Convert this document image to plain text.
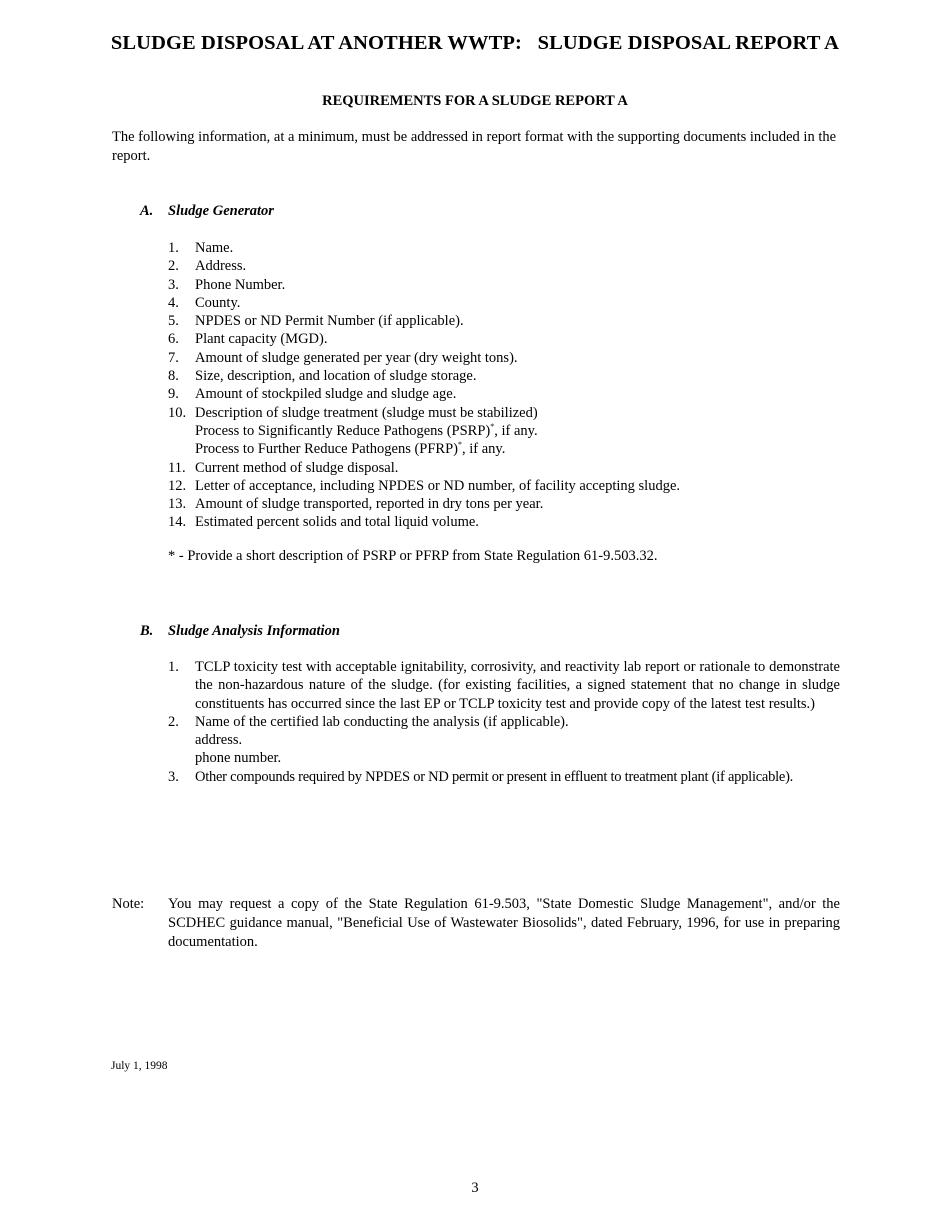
SLUDGE DISPOSAL AT ANOTHER WWTP:   SLUDGE DISPOSAL REPORT A
REQUIREMENTS FOR A SLUDGE REPORT A
The following information, at a minimum, must be addressed in report format with the supporting documents included in the report.
A. Sludge Generator
1.	Name.
2.	Address.
3.	Phone Number.
4.	County.
5.	NPDES or ND Permit Number (if applicable).
6.	Plant capacity (MGD).
7.	Amount of sludge generated per year (dry weight tons).
8.	Size, description, and location of sludge storage.
9.	Amount of stockpiled sludge and sludge age.
10. Description of sludge treatment (sludge must be stabilized)
Process to Significantly Reduce Pathogens (PSRP)*, if any.
Process to Further Reduce Pathogens (PFRP)*, if any.
11. Current method of sludge disposal.
12. Letter of acceptance, including NPDES or ND number, of facility accepting sludge.
13. Amount of sludge transported, reported in dry tons per year.
14. Estimated percent solids and total liquid volume.
* - Provide a short description of PSRP or PFRP from State Regulation 61-9.503.32.
B. Sludge Analysis Information
1.	TCLP toxicity test with acceptable ignitability, corrosivity, and reactivity lab report or rationale to demonstrate the non-hazardous nature of the sludge. (for existing facilities, a signed statement that no change in sludge constituents has occurred since the last EP or TCLP toxicity test and provide copy of the latest test results.)
2.	Name of the certified lab conducting the analysis (if applicable).
address.
phone number.
3.	Other compounds required by NPDES or ND permit or present in effluent to treatment plant (if applicable).
Note:	You may request a copy of the State Regulation 61-9.503, "State Domestic Sludge Management", and/or the SCDHEC guidance manual, "Beneficial Use of Wastewater Biosolids", dated February, 1996, for use in preparing documentation.
July 1, 1998
3
